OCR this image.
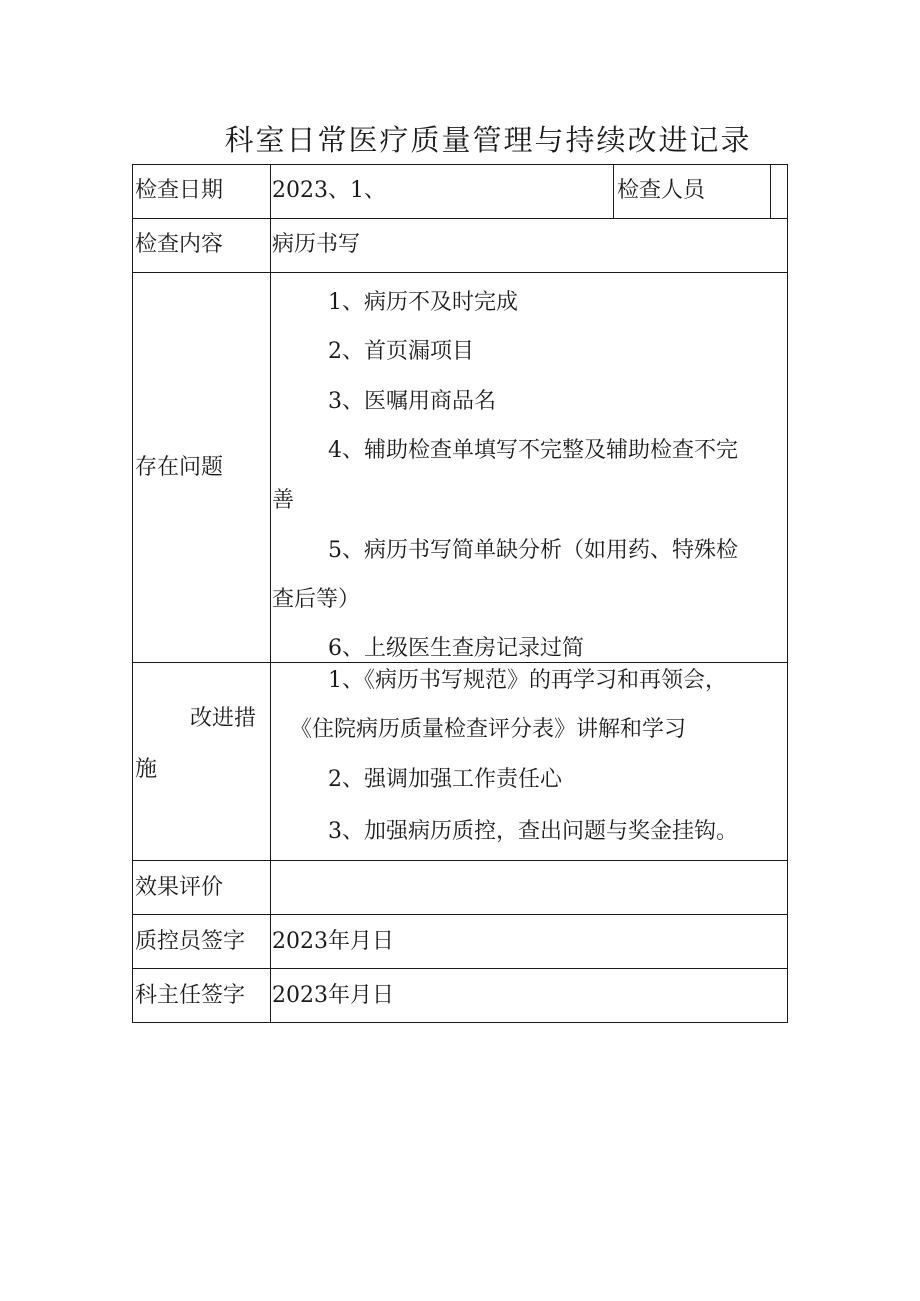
科室日常医疗质量管理与持续改进记录
检查日期 2023、1、	检查人员
检查内容 病历书写
存在问题
1、病历不及时完成
2、首页漏项目
3、医嘱用商品名
4、辅助检查单填写不完整及辅助检查不完
善
5、病历书写简单缺分析（如用药、特殊检
查后等）
6、上级医生查房记录过简
改进措
施
1、《病历书写规范》的再学习和再领会，
《住院病历质量检查评分表》讲解和学习
2、强调加强工作责任心
3、加强病历质控，查出问题与奖金挂钩。
效果评价
质控员签字 2023年月日
科主任签字 2023年月日
